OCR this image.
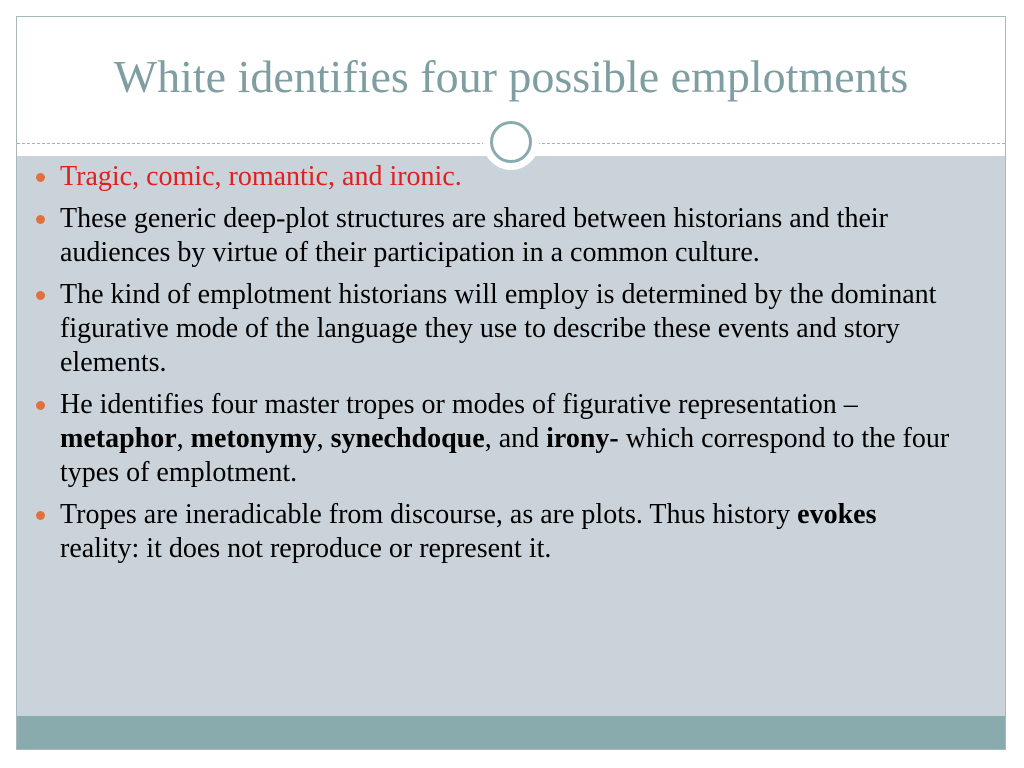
White identifies four possible emplotments
Tragic, comic, romantic, and ironic.
These generic deep-plot structures are shared between historians and their audiences by virtue of their participation in a common culture.
The kind of emplotment historians will employ is determined by the dominant figurative mode of the language they use to describe these events and story elements.
He identifies four master tropes or modes of figurative representation –metaphor, metonymy, synechdoque, and irony- which correspond to the four types of emplotment.
Tropes are ineradicable from discourse, as are plots. Thus history evokes reality: it does not reproduce or represent it.
